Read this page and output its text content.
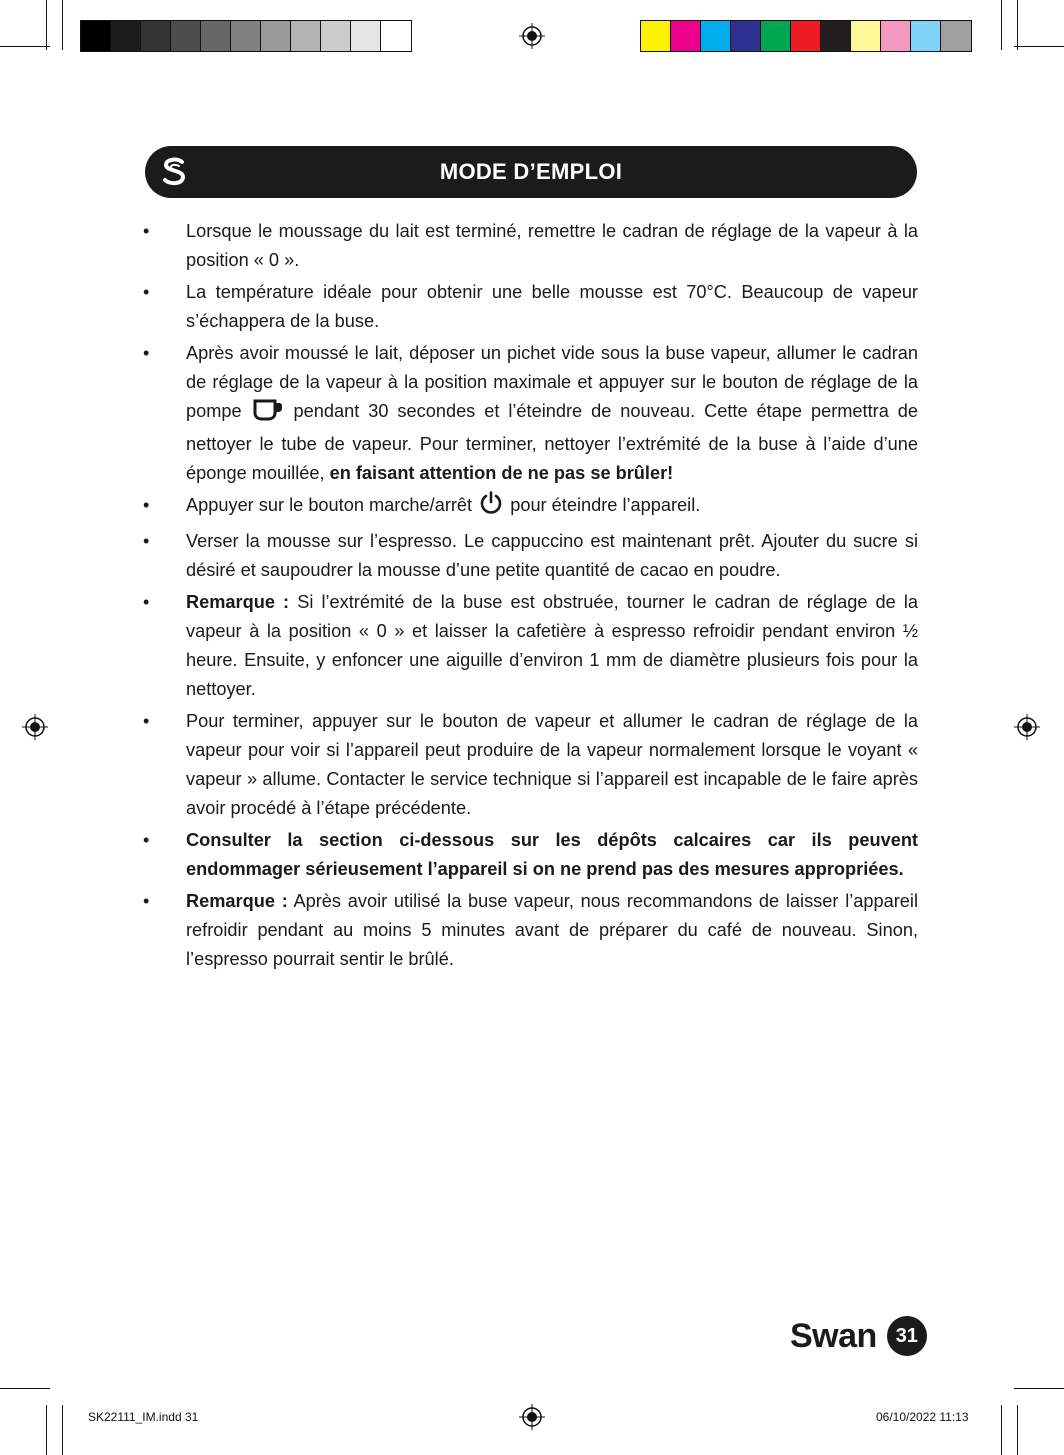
MODE D’EMPLOI
• Lorsque le moussage du lait est terminé, remettre le cadran de réglage de la vapeur à la position « 0 ».
• La température idéale pour obtenir une belle mousse est 70°C. Beaucoup de vapeur s’échappera de la buse.
• Après avoir moussé le lait, déposer un pichet vide sous la buse vapeur, allumer le cadran de réglage de la vapeur à la position maximale et appuyer sur le bouton de réglage de la pompe  pendant 30 secondes et l’éteindre de nouveau. Cette étape permettra de nettoyer le tube de vapeur. Pour terminer, nettoyer l’extrémité de la buse à l’aide d’une éponge mouillée, en faisant attention de ne pas se brûler!
• Appuyer sur le bouton marche/arrêt  pour éteindre l’appareil.
• Verser la mousse sur l’espresso. Le cappuccino est maintenant prêt. Ajouter du sucre si désiré et saupoudrer la mousse d’une petite quantité de cacao en poudre.
• Remarque : Si l’extrémité de la buse est obstruée, tourner le cadran de réglage de la vapeur à la position « 0 » et laisser la cafetière à espresso refroidir pendant environ ½ heure. Ensuite, y enfoncer une aiguille d’environ 1 mm de diamètre plusieurs fois pour la nettoyer.
• Pour terminer, appuyer sur le bouton de vapeur et allumer le cadran de réglage de la vapeur pour voir si l’appareil peut produire de la vapeur normalement lorsque le voyant « vapeur » allume. Contacter le service technique si l’appareil est incapable de le faire après avoir procédé à l’étape précédente.
• Consulter la section ci-dessous sur les dépôts calcaires car ils peuvent endommager sérieusement l’appareil si on ne prend pas des mesures appropriées.
• Remarque : Après avoir utilisé la buse vapeur, nous recommandons de laisser l’appareil refroidir pendant au moins 5 minutes avant de préparer du café de nouveau. Sinon, l’espresso pourrait sentir le brûlé.
Swan 31
SK22111_IM.indd 31	06/10/2022 11:13
